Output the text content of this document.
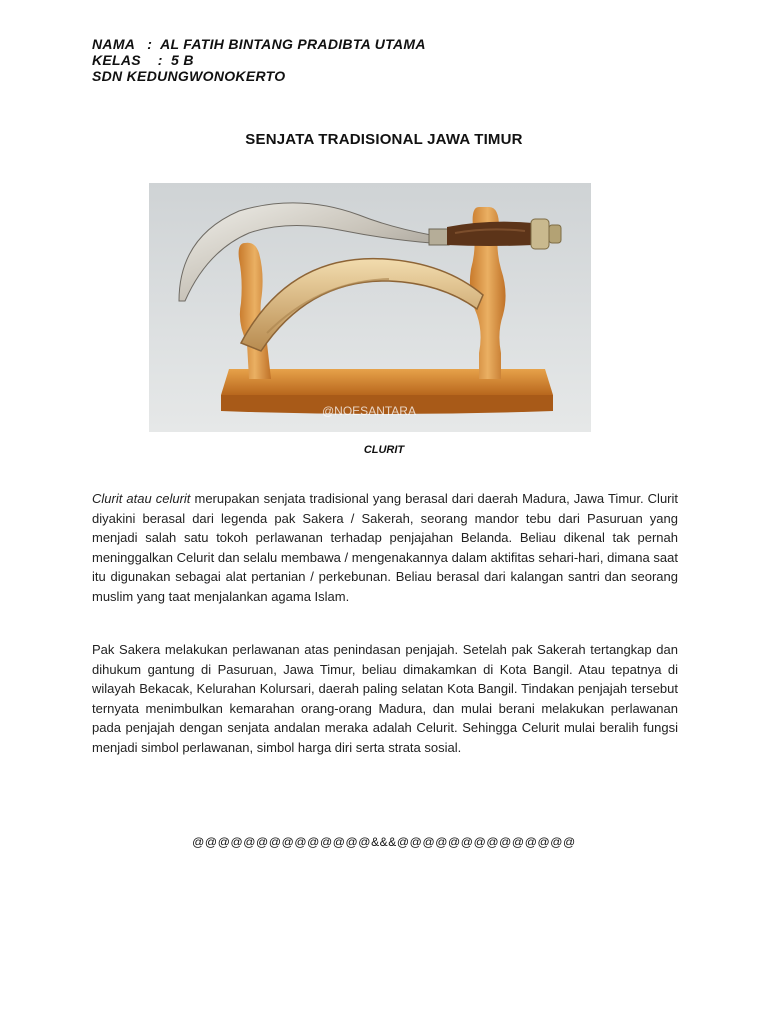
NAMA   :  AL FATIH BINTANG PRADIBTA UTAMA
KELAS    :  5 B
SDN KEDUNGWONOKERTO
SENJATA TRADISIONAL JAWA TIMUR
@NOESANTARA
CLURIT
Clurit atau celurit merupakan senjata tradisional yang berasal dari daerah Madura, Jawa Timur. Clurit diyakini berasal dari legenda pak Sakera / Sakerah, seorang mandor tebu dari Pasuruan yang menjadi salah satu tokoh perlawanan terhadap penjajahan Belanda. Beliau dikenal tak pernah meninggalkan Celurit dan selalu membawa / mengenakannya dalam aktifitas sehari-hari, dimana saat itu digunakan sebagai alat pertanian / perkebunan. Beliau berasal dari kalangan santri dan seorang muslim yang taat menjalankan agama Islam.
Pak Sakera melakukan perlawanan atas penindasan penjajah. Setelah pak Sakerah tertangkap dan dihukum gantung di Pasuruan, Jawa Timur, beliau dimakamkan di Kota Bangil. Atau tepatnya di wilayah Bekacak, Kelurahan Kolursari, daerah paling selatan Kota Bangil. Tindakan penjajah tersebut ternyata menimbulkan kemarahan orang-orang Madura, dan mulai berani melakukan perlawanan pada penjajah dengan senjata andalan meraka adalah Celurit. Sehingga Celurit mulai beralih fungsi menjadi simbol perlawanan, simbol harga diri serta strata sosial.
@@@@@@@@@@@@@@&&&@@@@@@@@@@@@@@
